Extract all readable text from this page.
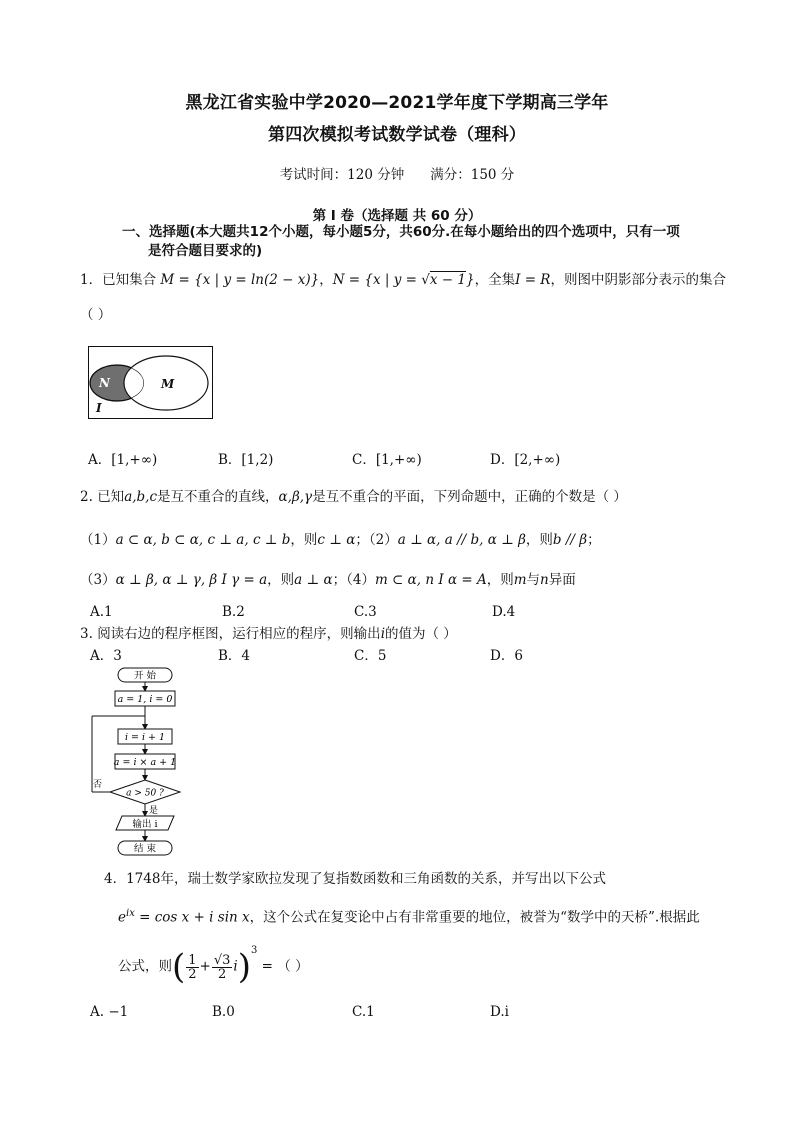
黑龙江省实验中学2020—2021学年度下学期高三学年
第四次模拟考试数学试卷（理科）
考试时间：120 分钟 满分：150 分
第 I 卷（选择题 共 60 分）
一、选择题(本大题共12个小题，每小题5分，共60分.在每小题给出的四个选项中，只有一项
是符合题目要求的)
1．已知集合 M = {x | y = ln(2 − x)}，N = {x | y = √x − 1}，全集I = R，则图中阴影部分表示的集合
（ ）
N	M
I
A．[1,+∞)	B．[1,2)	C．[1,+∞)	D．[2,+∞)
2. 已知a,b,c是互不重合的直线，α,β,γ是互不重合的平面，下列命题中，正确的个数是（ ）
（1）a ⊂ α, b ⊂ α, c ⊥ a, c ⊥ b，则c ⊥ α；（2）a ⊥ α, a // b, α ⊥ β，则b // β；
（3）α ⊥ β, α ⊥ γ, β I γ = a，则a ⊥ α；（4）m ⊂ α, n I α = A，则m与n异面
A.1	B.2	C.3	D.4
3. 阅读右边的程序框图，运行相应的程序，则输出i的值为（ ）
A．3	B．4	C．5	D．6
开 始
a = 1, i = 0
i = i + 1
a = i × a + 1
a > 50 ?
否
是
输出 i
结 束
4．1748年，瑞士数学家欧拉发现了复指数函数和三角函数的关系，并写出以下公式
$e^{ix} = \cos x + i$ sin x，这个公式在复变论中占有非常重要的地位，被誉为“数学中的天桥”.根据此
公式，则( $\frac{1}{2} + \frac{√3}{2} i)^3$ = （ ）
A. −1	B.0	C.1	D.i
